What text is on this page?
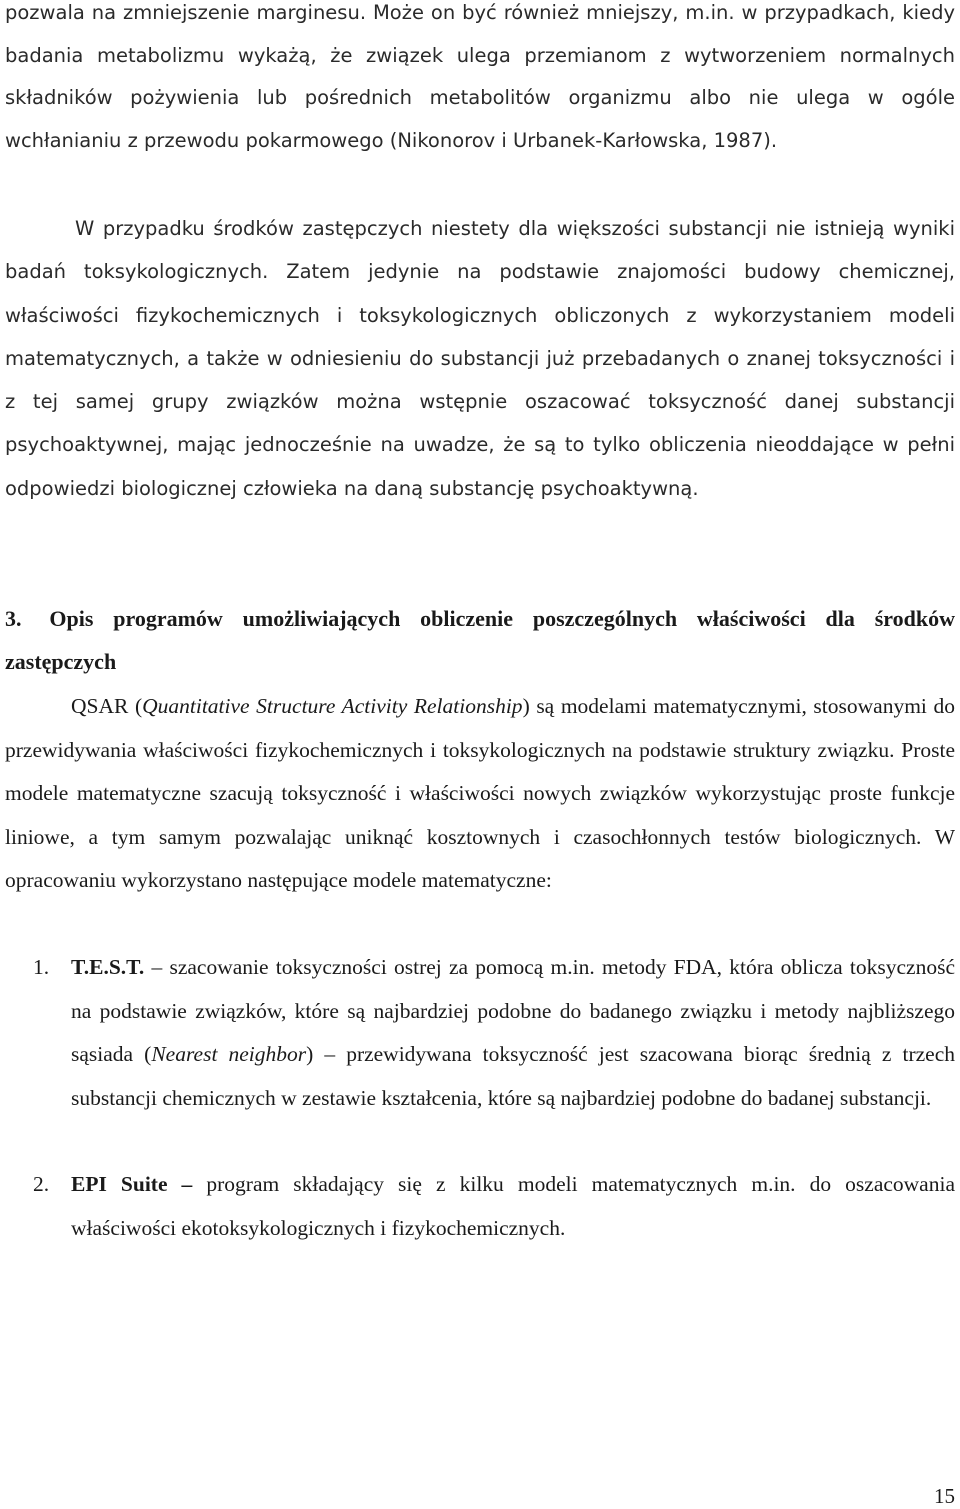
pozwala na zmniejszenie marginesu. Może on być również mniejszy, m.in. w przypadkach, kiedy badania metabolizmu wykażą, że związek ulega przemianom z wytworzeniem normalnych składników pożywienia lub pośrednich metabolitów organizmu albo nie ulega w ogóle wchłanianiu z przewodu pokarmowego (Nikonorov i Urbanek-Karłowska, 1987).

W przypadku środków zastępczych niestety dla większości substancji nie istnieją wyniki badań toksykologicznych. Zatem jedynie na podstawie znajomości budowy chemicznej, właściwości fizykochemicznych i toksykologicznych obliczonych z wykorzystaniem modeli matematycznych, a także w odniesieniu do substancji już przebadanych o znanej toksyczności i z tej samej grupy związków można wstępnie oszacować toksyczność danej substancji psychoaktywnej, mając jednocześnie na uwadze, że są to tylko obliczenia nieoddające w pełni odpowiedzi biologicznej człowieka na daną substancję psychoaktywną.

3. Opis programów umożliwiających obliczenie poszczególnych właściwości dla środków zastępczych

QSAR (Quantitative Structure Activity Relationship) są modelami matematycznymi, stosowanymi do przewidywania właściwości fizykochemicznych i toksykologicznych na podstawie struktury związku. Proste modele matematyczne szacują toksyczność i właściwości nowych związków wykorzystując proste funkcje liniowe, a tym samym pozwalając uniknąć kosztownych i czasochłonnych testów biologicznych. W opracowaniu wykorzystano następujące modele matematyczne:

1. T.E.S.T. – szacowanie toksyczności ostrej za pomocą m.in. metody FDA, która oblicza toksyczność na podstawie związków, które są najbardziej podobne do badanego związku i metody najbliższego sąsiada (Nearest neighbor) – przewidywana toksyczność jest szacowana biorąc średnią z trzech substancji chemicznych w zestawie kształcenia, które są najbardziej podobne do badanej substancji.

2. EPI Suite – program składający się z kilku modeli matematycznych m.in. do oszacowania właściwości ekotoksykologicznych i fizykochemicznych.

15
